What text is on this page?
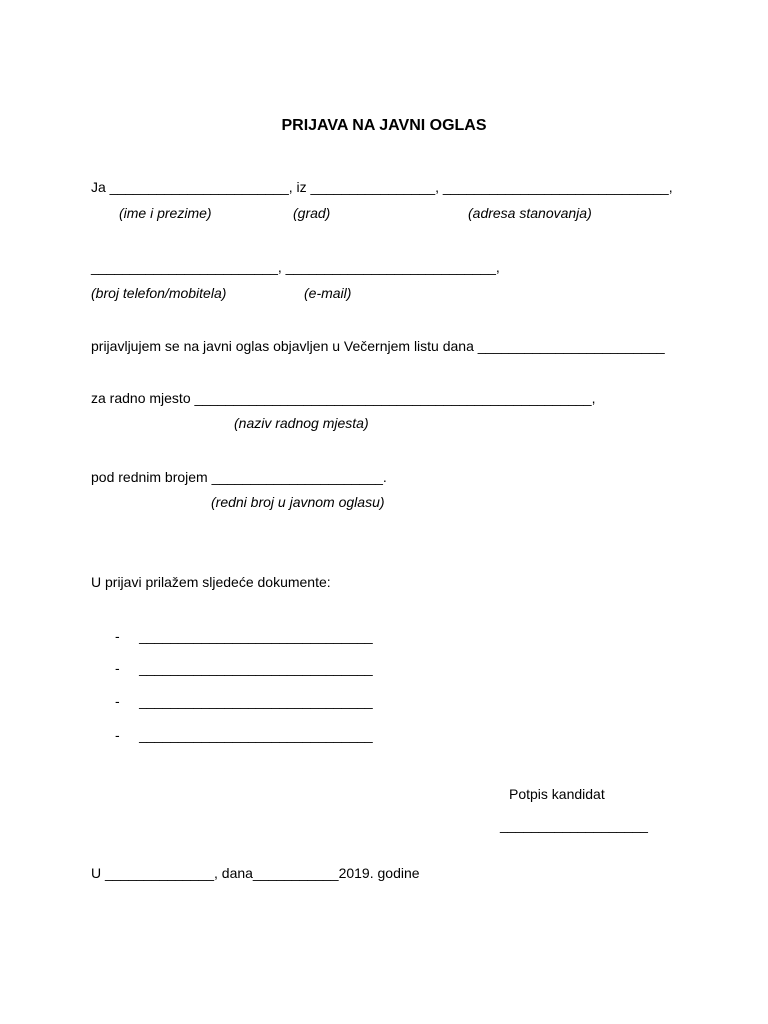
PRIJAVA NA JAVNI OGLAS

Ja _______________________, iz ________________, _____________________________,

(ime i prezime)	(grad)	(adresa stanovanja)

________________________, ___________________________,

(broj telefon/mobitela)	(e-mail)

prijavljujem se na javni oglas objavljen u Večernjem listu dana ________________________

za radno mjesto ___________________________________________________,

(naziv radnog mjesta)

pod rednim brojem ______________________.

(redni broj u javnom oglasu)

U prijavi prilažem sljedeće dokumente:

-     ______________________________

-     ______________________________

-     ______________________________

-     ______________________________

Potpis kandidat

___________________

U ______________, dana___________2019. godine
